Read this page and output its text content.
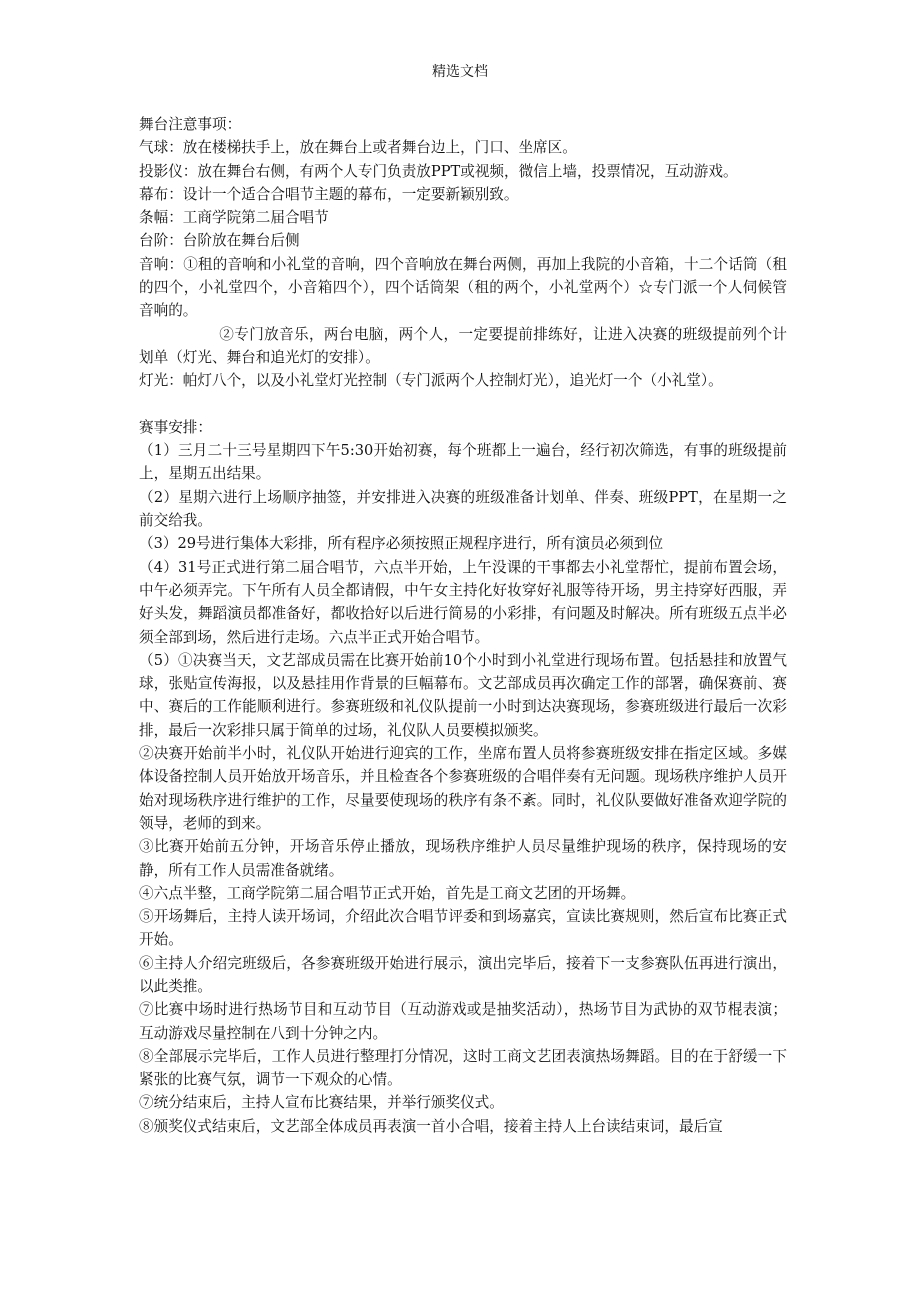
精选文档

舞台注意事项：

气球：放在楼梯扶手上，放在舞台上或者舞台边上，门口、坐席区。

投影仪：放在舞台右侧，有两个人专门负责放PPT或视频，微信上墙，投票情况，互动游戏。

幕布：设计一个适合合唱节主题的幕布，一定要新颖别致。

条幅：工商学院第二届合唱节

台阶：台阶放在舞台后侧

音响：①租的音响和小礼堂的音响，四个音响放在舞台两侧，再加上我院的小音箱，十二个话筒（租的四个，小礼堂四个，小音箱四个），四个话筒架（租的两个，小礼堂两个）☆专门派一个人伺候管音响的。

②专门放音乐，两台电脑，两个人，一定要提前排练好，让进入决赛的班级提前列个计划单（灯光、舞台和追光灯的安排）。

灯光：帕灯八个，以及小礼堂灯光控制（专门派两个人控制灯光），追光灯一个（小礼堂）。

赛事安排：

（1）三月二十三号星期四下午5:30开始初赛，每个班都上一遍台，经行初次筛选，有事的班级提前上，星期五出结果。

（2）星期六进行上场顺序抽签，并安排进入决赛的班级准备计划单、伴奏、班级PPT，在星期一之前交给我。

（3）29号进行集体大彩排，所有程序必须按照正规程序进行，所有演员必须到位

（4）31号正式进行第二届合唱节，六点半开始，上午没课的干事都去小礼堂帮忙，提前布置会场，中午必须弄完。下午所有人员全都请假，中午女主持化好妆穿好礼服等待开场，男主持穿好西服，弄好头发，舞蹈演员都准备好，都收拾好以后进行简易的小彩排，有问题及时解决。所有班级五点半必须全部到场，然后进行走场。六点半正式开始合唱节。

（5）①决赛当天，文艺部成员需在比赛开始前10个小时到小礼堂进行现场布置。包括悬挂和放置气球，张贴宣传海报，以及悬挂用作背景的巨幅幕布。文艺部成员再次确定工作的部署，确保赛前、赛中、赛后的工作能顺利进行。参赛班级和礼仪队提前一小时到达决赛现场，参赛班级进行最后一次彩排，最后一次彩排只属于简单的过场，礼仪队人员要模拟颁奖。

②决赛开始前半小时，礼仪队开始进行迎宾的工作，坐席布置人员将参赛班级安排在指定区域。多媒体设备控制人员开始放开场音乐，并且检查各个参赛班级的合唱伴奏有无问题。现场秩序维护人员开始对现场秩序进行维护的工作，尽量要使现场的秩序有条不紊。同时，礼仪队要做好准备欢迎学院的领导，老师的到来。

③比赛开始前五分钟，开场音乐停止播放，现场秩序维护人员尽量维护现场的秩序，保持现场的安静，所有工作人员需准备就绪。

④六点半整，工商学院第二届合唱节正式开始，首先是工商文艺团的开场舞。

⑤开场舞后，主持人读开场词，介绍此次合唱节评委和到场嘉宾，宣读比赛规则，然后宣布比赛正式开始。

⑥主持人介绍完班级后，各参赛班级开始进行展示，演出完毕后，接着下一支参赛队伍再进行演出，以此类推。

⑦比赛中场时进行热场节目和互动节目（互动游戏或是抽奖活动），热场节目为武协的双节棍表演；互动游戏尽量控制在八到十分钟之内。

⑧全部展示完毕后，工作人员进行整理打分情况，这时工商文艺团表演热场舞蹈。目的在于舒缓一下紧张的比赛气氛，调节一下观众的心情。

⑦统分结束后，主持人宣布比赛结果，并举行颁奖仪式。

⑧颁奖仪式结束后，文艺部全体成员再表演一首小合唱，接着主持人上台读结束词，最后宣
